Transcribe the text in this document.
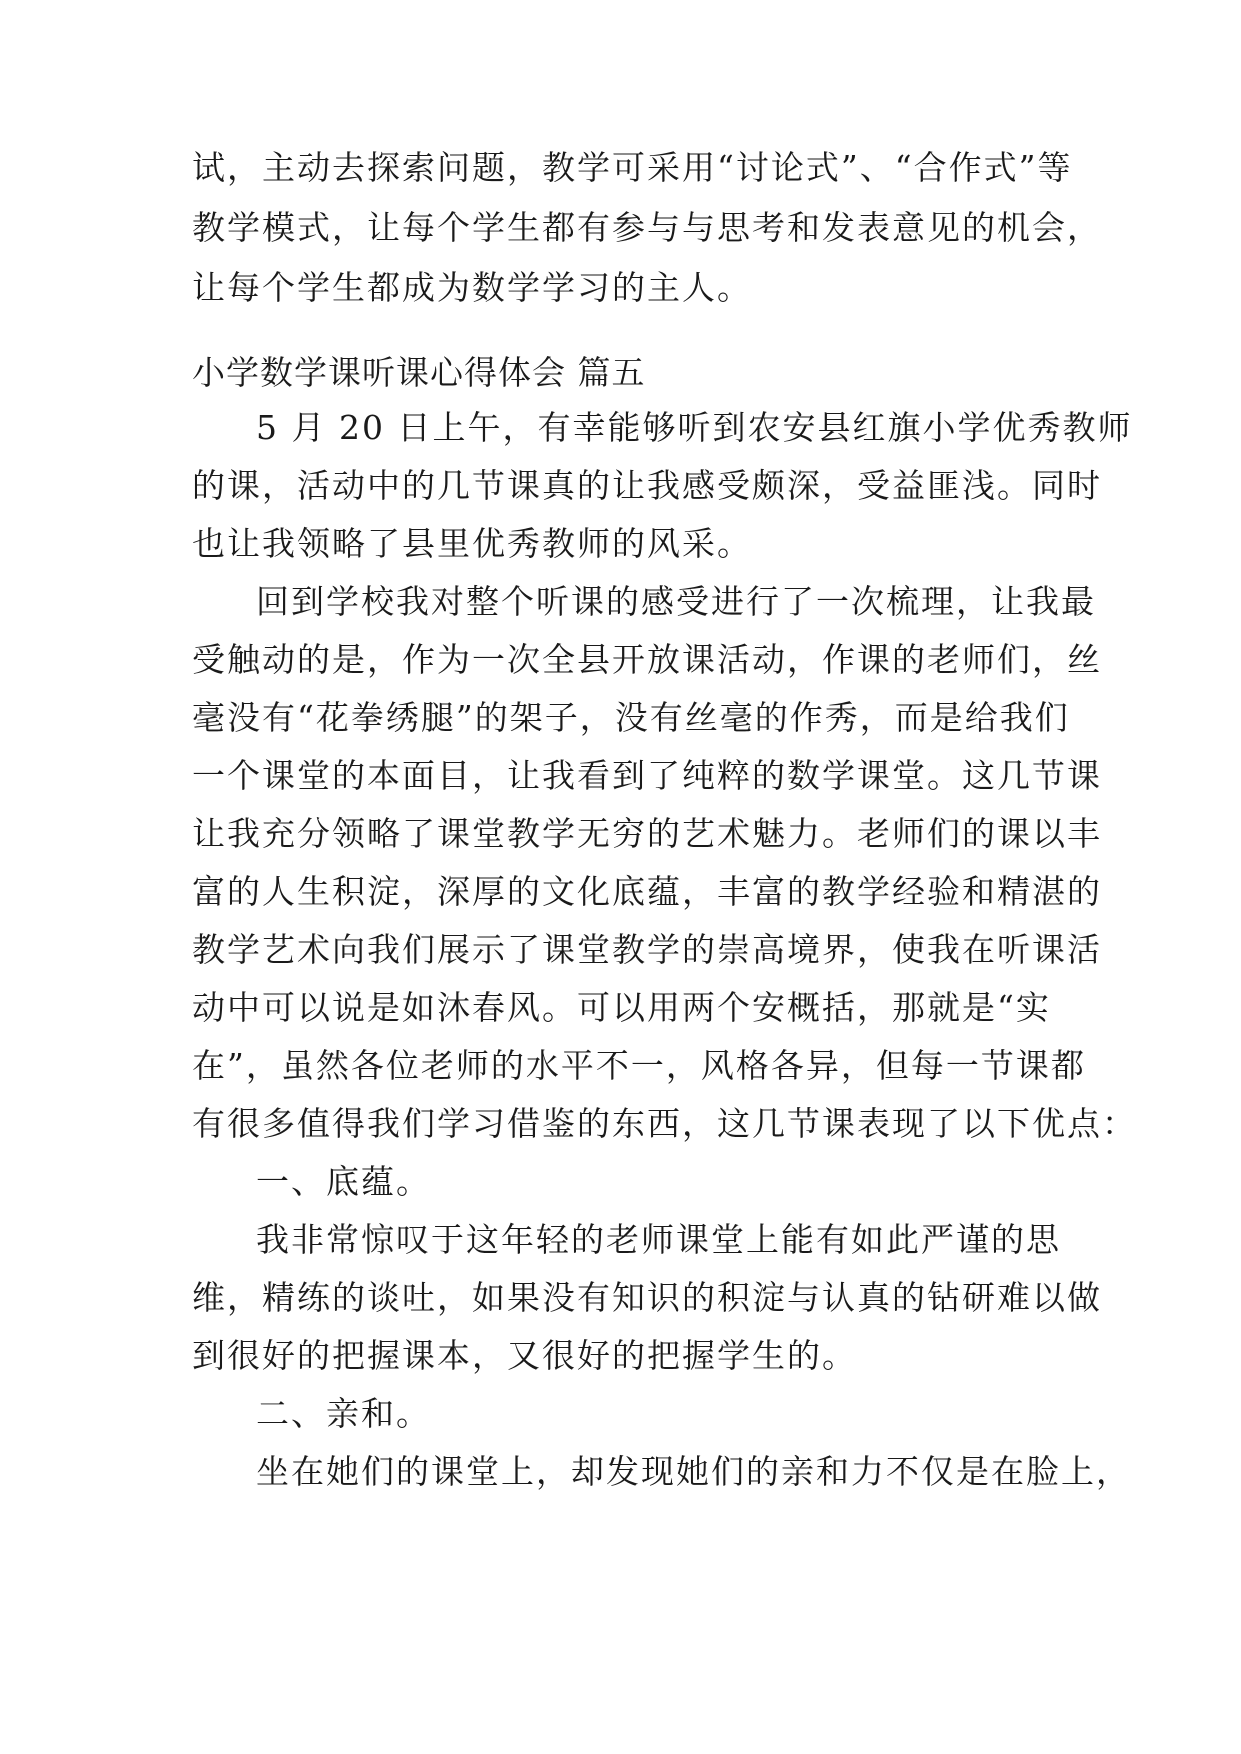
试，主动去探索问题，教学可采用“讨论式”、“合作式”等
教学模式，让每个学生都有参与与思考和发表意见的机会，
让每个学生都成为数学学习的主人。
小学数学课听课心得体会 篇五
5 月 20 日上午，有幸能够听到农安县红旗小学优秀教师
的课，活动中的几节课真的让我感受颇深，受益匪浅。同时
也让我领略了县里优秀教师的风采。
回到学校我对整个听课的感受进行了一次梳理，让我最
受触动的是，作为一次全县开放课活动，作课的老师们，丝
毫没有“花拳绣腿”的架子，没有丝毫的作秀，而是给我们
一个课堂的本面目，让我看到了纯粹的数学课堂。这几节课
让我充分领略了课堂教学无穷的艺术魅力。老师们的课以丰
富的人生积淀，深厚的文化底蕴，丰富的教学经验和精湛的
教学艺术向我们展示了课堂教学的崇高境界，使我在听课活
动中可以说是如沐春风。可以用两个安概括，那就是“实
在”，虽然各位老师的水平不一，风格各异，但每一节课都
有很多值得我们学习借鉴的东西，这几节课表现了以下优点：
一、底蕴。
我非常惊叹于这年轻的老师课堂上能有如此严谨的思
维，精练的谈吐，如果没有知识的积淀与认真的钻研难以做
到很好的把握课本，又很好的把握学生的。
二、亲和。
坐在她们的课堂上，却发现她们的亲和力不仅是在脸上，
